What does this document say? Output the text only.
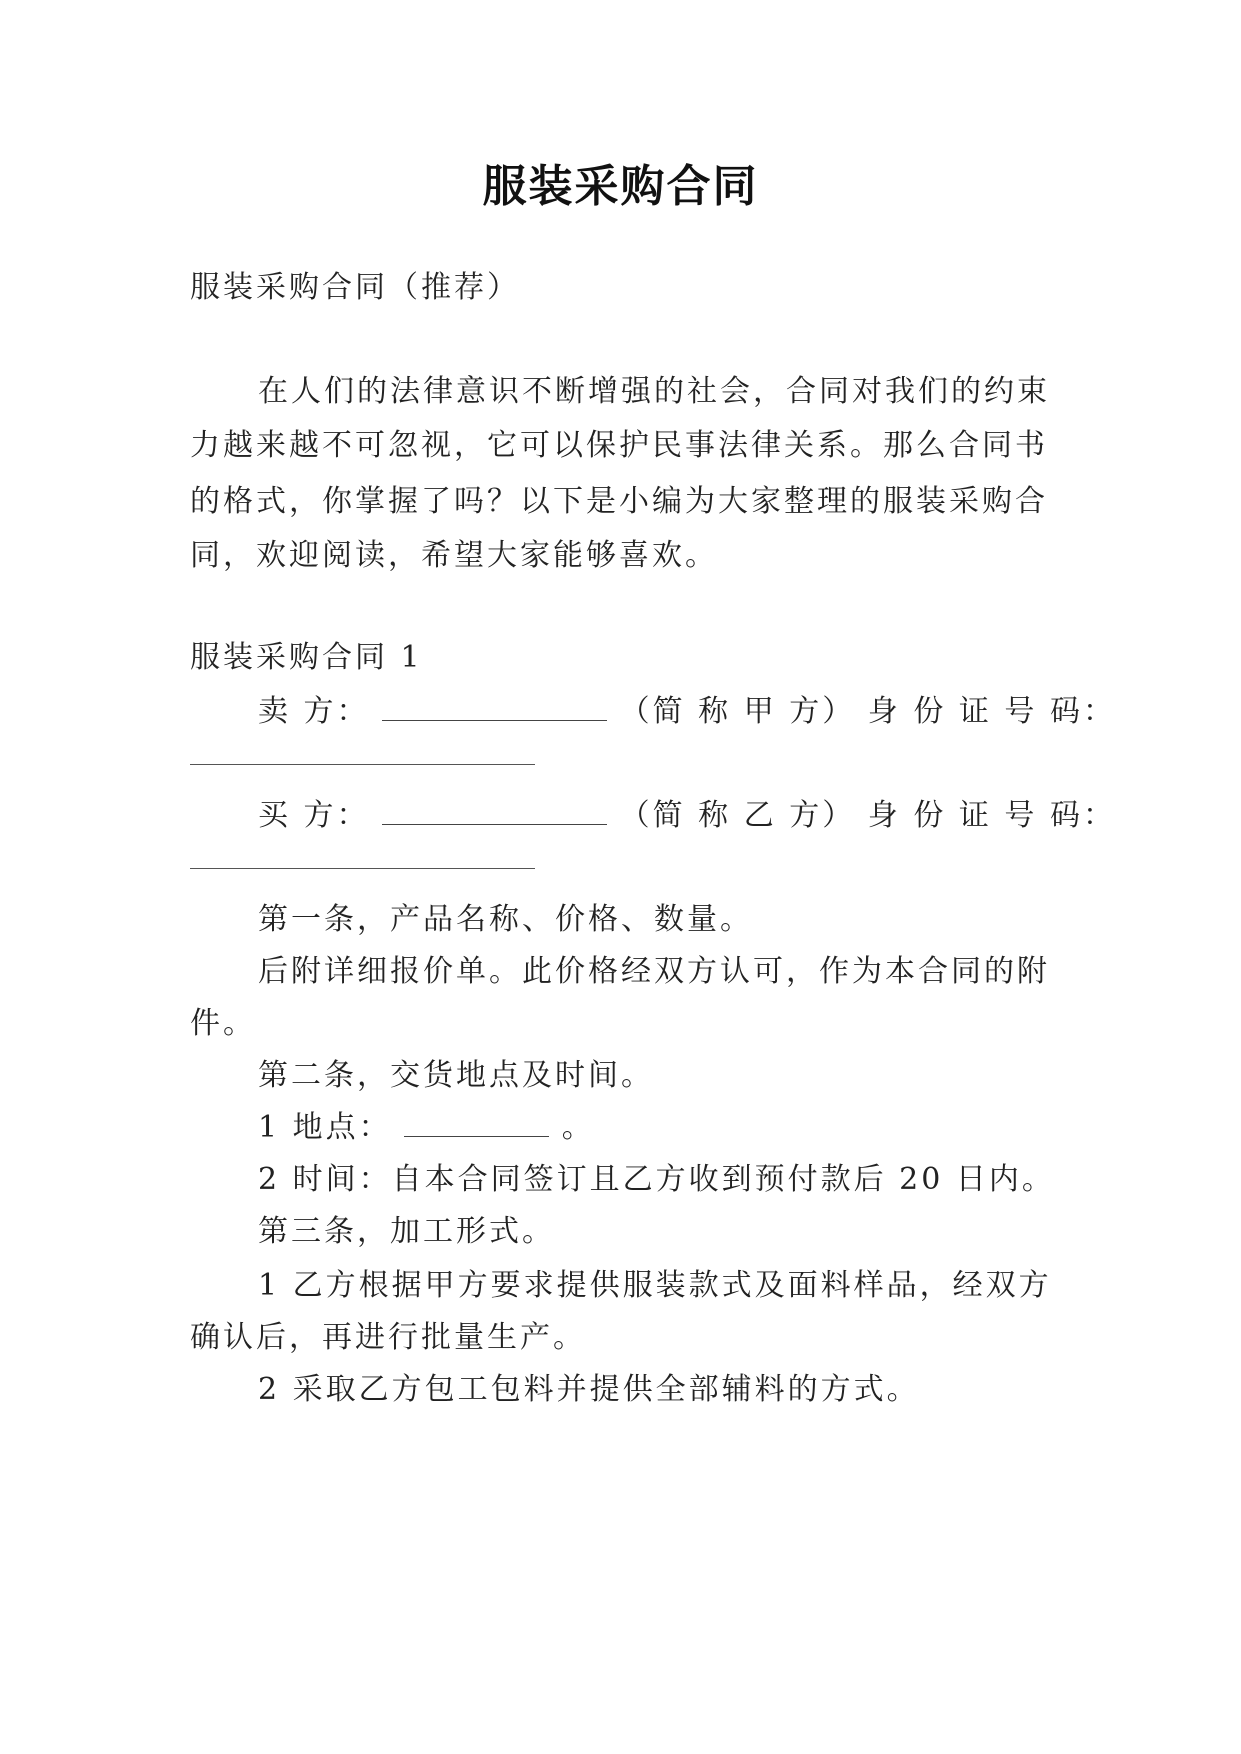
服装采购合同
服装采购合同（推荐）
在人们的法律意识不断增强的社会，合同对我们的约束
力越来越不可忽视，它可以保护民事法律关系。那么合同书
的格式，你掌握了吗？以下是小编为大家整理的服装采购合
同，欢迎阅读，希望大家能够喜欢。
服装采购合同 1
卖 方：	（简 称 甲 方） 身 份 证 号 码：
买 方：	（简 称 乙 方） 身 份 证 号 码：
第一条，产品名称、价格、数量。
后附详细报价单。此价格经双方认可，作为本合同的附
件。
第二条，交货地点及时间。
1 地点：	。
2 时间：自本合同签订且乙方收到预付款后 20 日内。
第三条，加工形式。
1 乙方根据甲方要求提供服装款式及面料样品，经双方
确认后，再进行批量生产。
2 采取乙方包工包料并提供全部辅料的方式。
